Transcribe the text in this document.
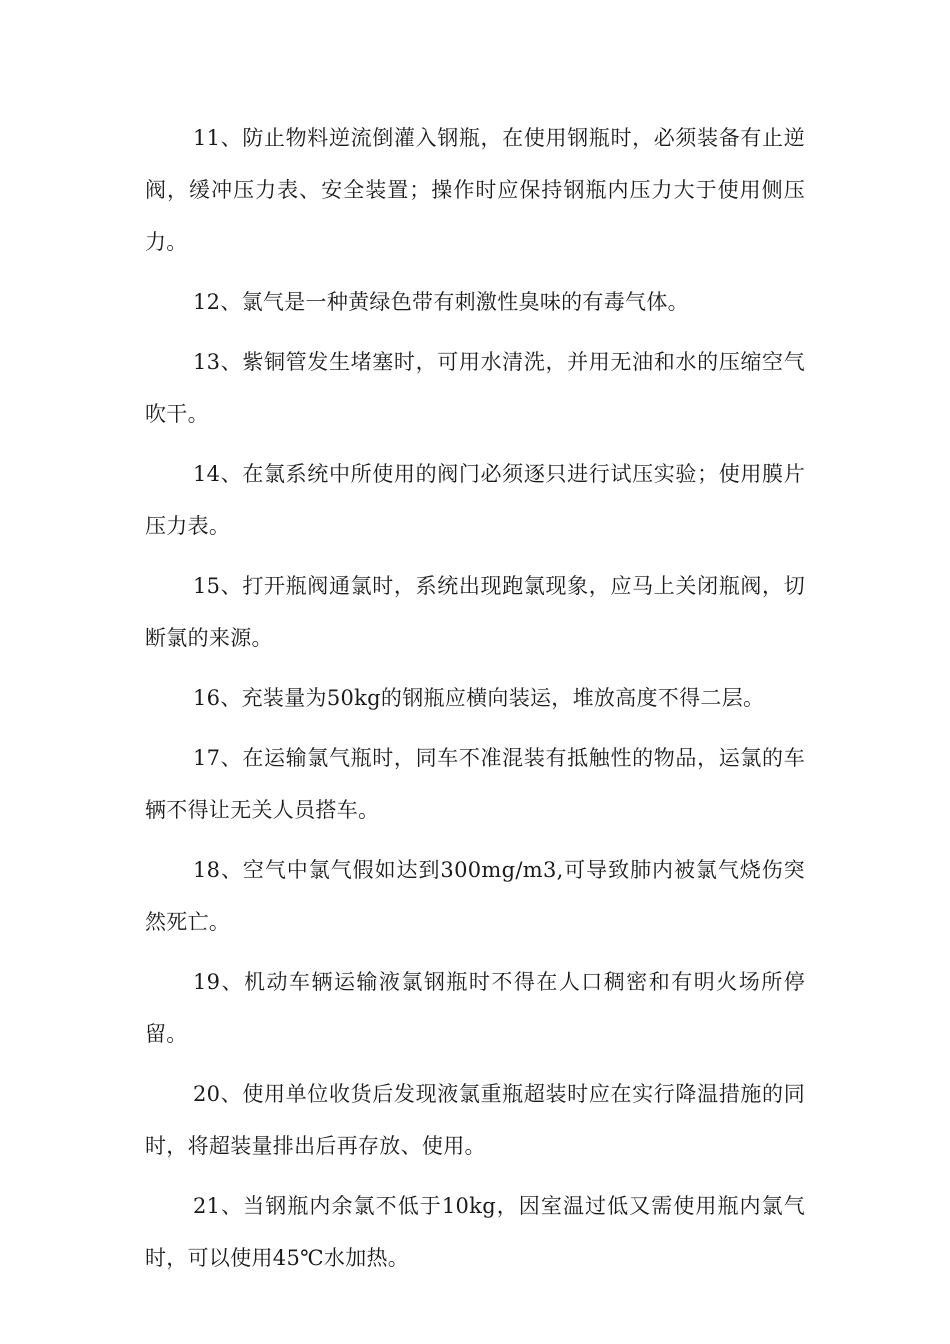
11、防止物料逆流倒灌入钢瓶，在使用钢瓶时，必须装备有止逆阀，缓冲压力表、安全装置；操作时应保持钢瓶内压力大于使用侧压力。

12、氯气是一种黄绿色带有刺激性臭味的有毒气体。

13、紫铜管发生堵塞时，可用水清洗，并用无油和水的压缩空气吹干。

14、在氯系统中所使用的阀门必须逐只进行试压实验；使用膜片压力表。

15、打开瓶阀通氯时，系统出现跑氯现象，应马上关闭瓶阀，切断氯的来源。

16、充装量为50kg的钢瓶应横向装运，堆放高度不得二层。

17、在运输氯气瓶时，同车不准混装有抵触性的物品，运氯的车辆不得让无关人员搭车。

18、空气中氯气假如达到300mg/m3,可导致肺内被氯气烧伤突然死亡。

19、机动车辆运输液氯钢瓶时不得在人口稠密和有明火场所停留。

20、使用单位收货后发现液氯重瓶超装时应在实行降温措施的同时，将超装量排出后再存放、使用。

21、当钢瓶内余氯不低于10kg，因室温过低又需使用瓶内氯气时，可以使用45℃水加热。
